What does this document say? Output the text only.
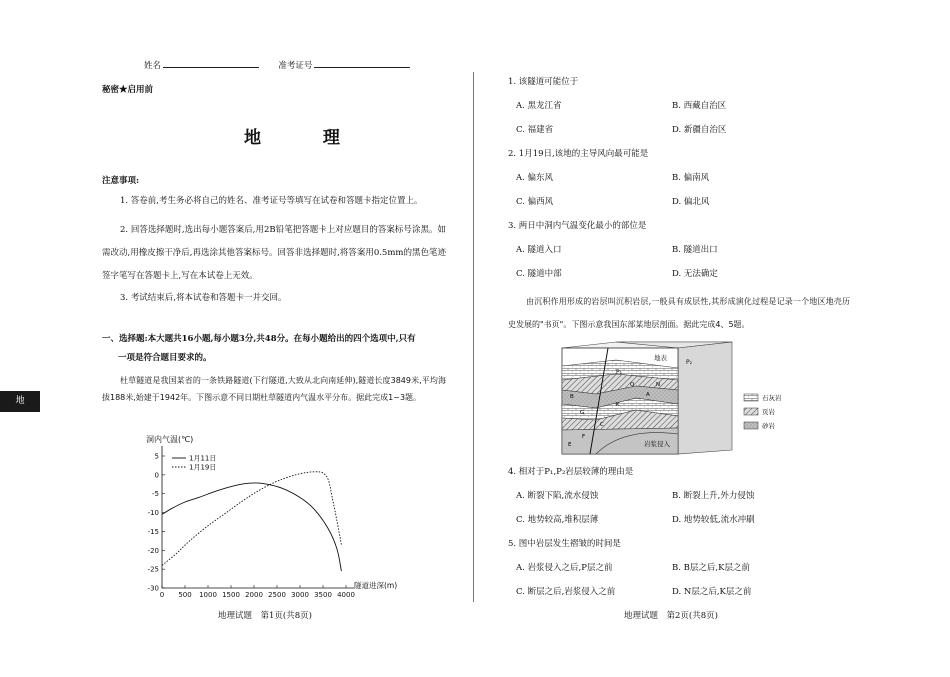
姓名	准考证号
秘密★启用前
地 理
注意事项:
1. 答卷前,考生务必将自己的姓名、准考证号等填写在试卷和答题卡指定位置上。
2. 回答选择题时,选出每小题答案后,用2B铅笔把答题卡上对应题目的答案标号涂黑。如需改动,用橡皮擦干净后,再选涂其他答案标号。回答非选择题时,将答案用0.5mm的黑色笔迹签字笔写在答题卡上,写在本试卷上无效。
3. 考试结束后,将本试卷和答题卡一并交回。
一、选择题:本大题共16小题,每小题3分,共48分。在每小题给出的四个选项中,只有
一项是符合题目要求的。
杜草隧道是我国某省的一条铁路隧道(下行隧道,大致从北向南延伸),隧道长度3849米,平均海拔188米,始建于1942年。下图示意不同日期杜草隧道内气温水平分布。据此完成1~3题。
地
洞内气温(℃)
5
0
-5
-10
-15
-20
-25
-30
0 500 1000 1500 2000 2500 3000 3500 4000
1月11日
1月19日
隧道进深(m)
地理试题　第1页(共8页)
1. 该隧道可能位于
A. 黑龙江省	B. 西藏自治区
C. 福建省	D. 新疆自治区
2. 1月19日,该地的主导风向最可能是
A. 偏东风	B. 偏南风
C. 偏西风	D. 偏北风
3. 两日中洞内气温变化最小的部位是
A. 隧道入口	B. 隧道出口
C. 隧道中部	D. 无法确定
由沉积作用形成的岩层叫沉积岩层,一般具有成层性,其形成演化过程是记录一个地区地壳历史发展的"书页"。下图示意我国东部某地层剖面。据此完成4、5题。
地表
P₂
P₁
O	N
A
B
K
G
C
F
E	岩浆侵入
石灰岩
页岩
砂岩
4. 相对于P₁,P₂岩层较薄的理由是
A. 断裂下陷,流水侵蚀	B. 断裂上升,外力侵蚀
C. 地势较高,堆积层薄	D. 地势较低,流水冲刷
5. 图中岩层发生褶皱的时间是
A. 岩浆侵入之后,P层之前	B. B层之后,K层之前
C. 断层之后,岩浆侵入之前	D. N层之后,K层之前
地理试题　第2页(共8页)
